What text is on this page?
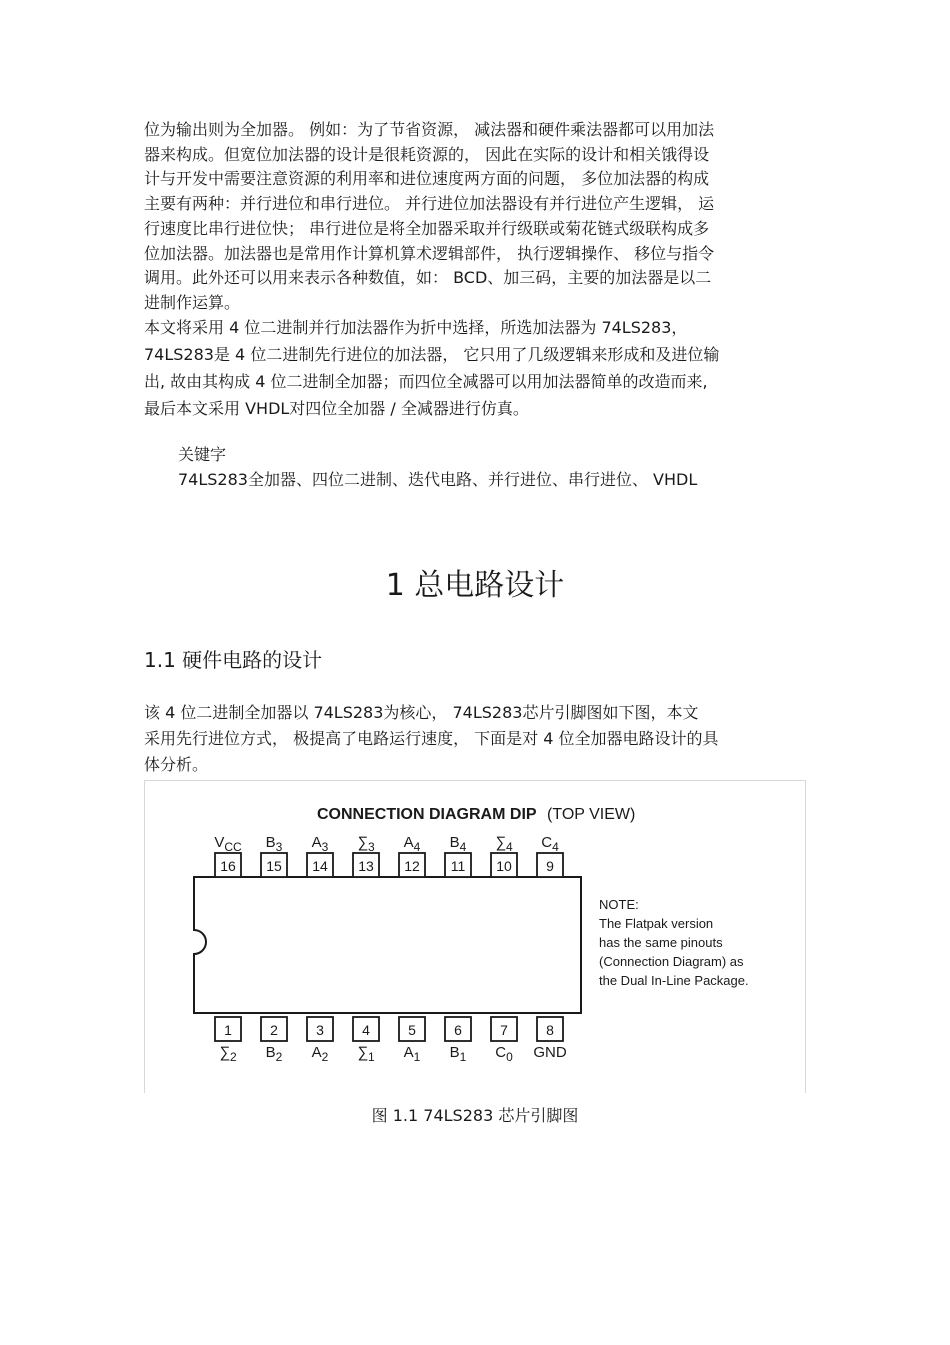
位为输出则为全加器。 例如：为了节省资源， 减法器和硬件乘法器都可以用加法
器来构成。但宽位加法器的设计是很耗资源的， 因此在实际的设计和相关饿得设
计与开发中需要注意资源的利用率和进位速度两方面的问题， 多位加法器的构成
主要有两种：并行进位和串行进位。 并行进位加法器设有并行进位产生逻辑， 运
行速度比串行进位快； 串行进位是将全加器采取并行级联或菊花链式级联构成多
位加法器。加法器也是常用作计算机算术逻辑部件， 执行逻辑操作、 移位与指令
调用。此外还可以用来表示各种数值，如： BCD、加三码，主要的加法器是以二
进制作运算。
本文将采用 4 位二进制并行加法器作为折中选择，所选加法器为 74LS283，
74LS283是 4 位二进制先行进位的加法器， 它只用了几级逻辑来形成和及进位输
出, 故由其构成 4 位二进制全加器；而四位全减器可以用加法器简单的改造而来,
最后本文采用 VHDL对四位全加器 / 全减器进行仿真。
关键字
74LS283全加器、四位二进制、迭代电路、并行进位、串行进位、 VHDL
1 总电路设计
1.1 硬件电路的设计
该 4 位二进制全加器以 74LS283为核心， 74LS283芯片引脚图如下图，本文
采用先行进位方式， 极提高了电路运行速度， 下面是对 4 位全加器电路设计的具
体分析。
CONNECTION DIAGRAM DIP (TOP VIEW)
16
$V_{CC}$
15
$B_3$
14
$A_3$
13
$\sum_3$
12
$A_4$
11
$B_4$
10
$\sum_4$
9
$C_4$
1
$\sum_2$
2
$B_2$
3
$A_2$
4
$\sum_1$
5
$A_1$
6
$B_1$
7
$C_0$
8
GND
NOTE:
The Flatpak version
has the same pinouts
(Connection Diagram) as
the Dual In-Line Package.
图 1.1 74LS283 芯片引脚图
